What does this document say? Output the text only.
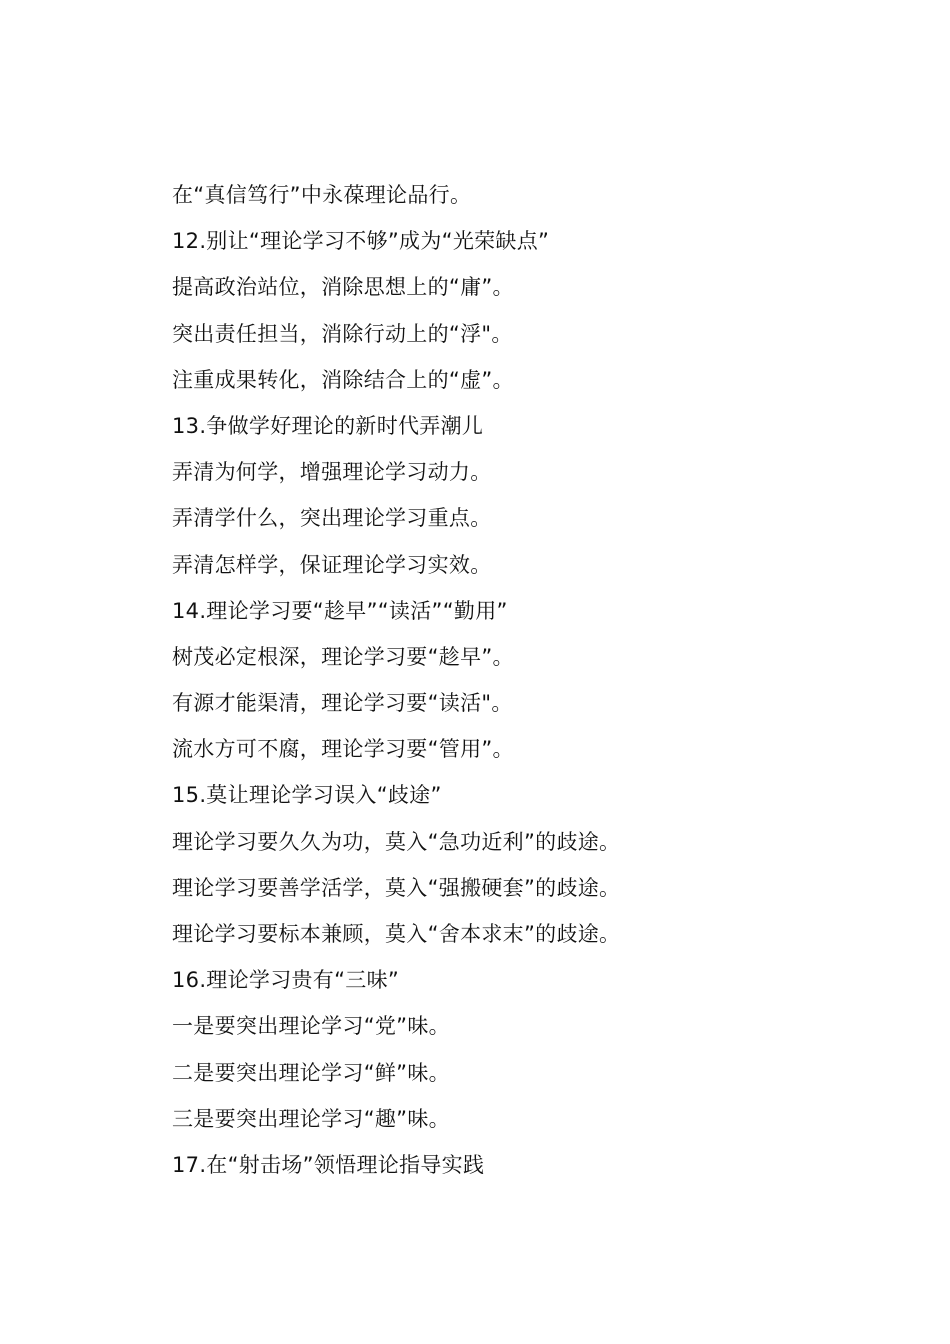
在“真信笃行”中永葆理论品行。
12.别让“理论学习不够”成为“光荣缺点”
提高政治站位，消除思想上的“庸”。
突出责任担当，消除行动上的“浮"。
注重成果转化，消除结合上的“虚”。
13.争做学好理论的新时代弄潮儿
弄清为何学，增强理论学习动力。
弄清学什么，突出理论学习重点。
弄清怎样学，保证理论学习实效。
14.理论学习要“趁早”“读活”“勤用”
树茂必定根深，理论学习要“趁早”。
有源才能渠清，理论学习要“读活"。
流水方可不腐，理论学习要“管用”。
15.莫让理论学习误入“歧途”
理论学习要久久为功，莫入“急功近利”的歧途。
理论学习要善学活学，莫入“强搬硬套”的歧途。
理论学习要标本兼顾，莫入“舍本求末”的歧途。
16.理论学习贵有“三味”
一是要突出理论学习“党”味。
二是要突出理论学习“鲜”味。
三是要突出理论学习“趣”味。
17.在“射击场”领悟理论指导实践
